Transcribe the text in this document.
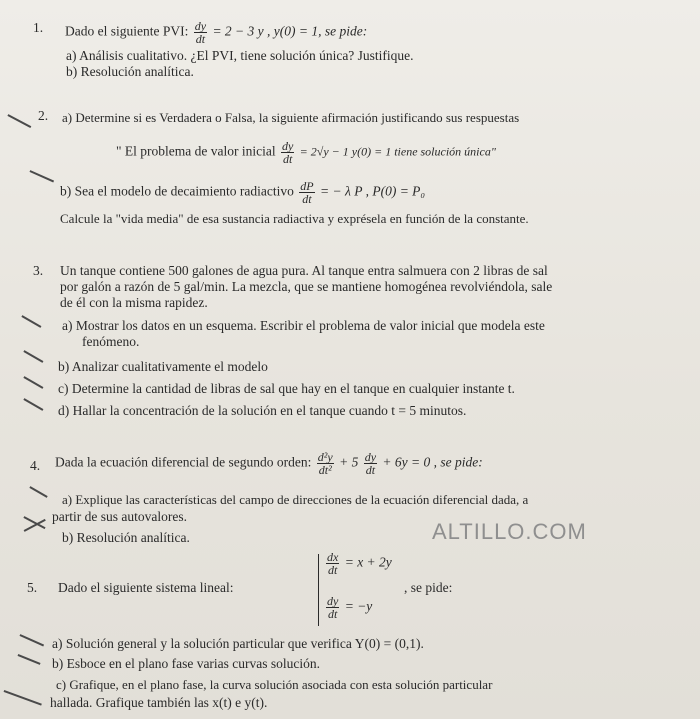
1. Dado el siguiente PVI: $\frac{dy}{dt} = 2 - 3$ y , y(0) = 1, se pide:
a) Análisis cualitativo. ¿El PVI, tiene solución única? Justifique.
b) Resolución analítica.
2. a) Determine si es Verdadera o Falsa, la siguiente afirmación justificando sus respuestas
" El problema de valor inicial $\frac{dy}{dt} = 2√y - 1$ y(0) = 1 tiene solución única"
b) Sea el modelo de decaimiento radiactivo $\frac{dP}{dt}$ = − λ P , P(0) = P₀
Calcule la "vida media" de esa sustancia radiactiva y exprésela en función de la constante.
3. Un tanque contiene 500 galones de agua pura. Al tanque entra salmuera con 2 libras de sal
por galón a razón de 5 gal/min. La mezcla, que se mantiene homogénea revolviéndola, sale
de él con la misma rapidez.
a) Mostrar los datos en un esquema. Escribir el problema de valor inicial que modela este
fenómeno.
b) Analizar cualitativamente el modelo
c) Determine la cantidad de libras de sal que hay en el tanque en cualquier instante t.
d) Hallar la concentración de la solución en el tanque cuando t = 5 minutos.
4. Dada la ecuación diferencial de segundo orden: $\frac{\text{d²y}}{\text{dt²}} + 5 \frac{dy}{dt} + 6y = 0$ , se pide:
a) Explique las características del campo de direcciones de la ecuación diferencial dada, a
partir de sus autovalores.
b) Resolución analítica.	ALTILLO.COM
5. Dado el siguiente sistema lineal:
$\frac{dx}{dt} = x + 2y$
$\frac{dy}{dt} = -y$
, se pide:
a) Solución general y la solución particular que verifica Y(0) = (0,1).
b) Esboce en el plano fase varias curvas solución.
c) Grafique, en el plano fase, la curva solución asociada con esta solución particular
hallada. Grafique también las x(t) e y(t).
